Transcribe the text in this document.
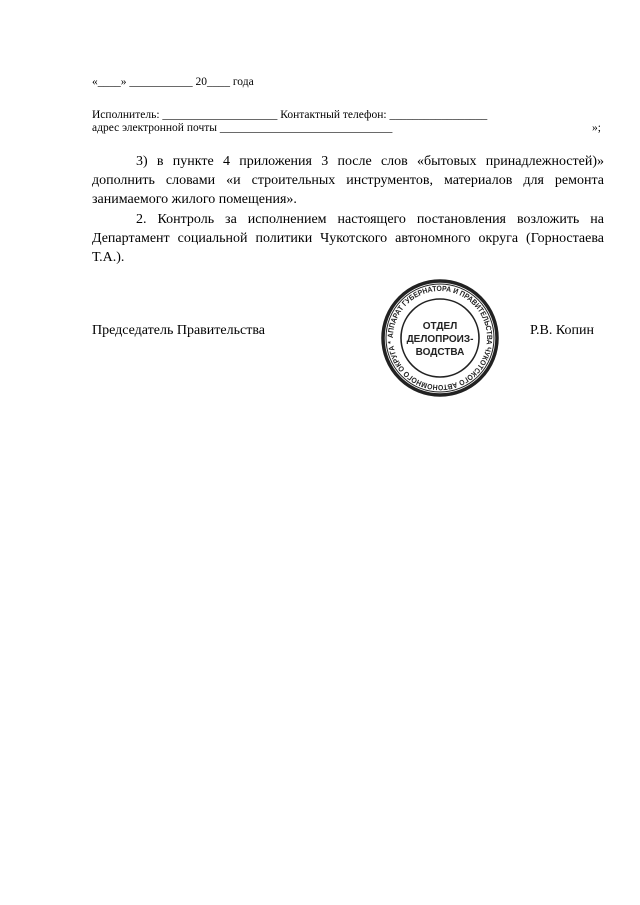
«____» ___________ 20____ года
Исполнитель: ____________________ Контактный телефон: _________________
адрес электронной почты ______________________________	»;
3) в пункте 4 приложения 3 после слов «бытовых принадлежностей)» дополнить словами «и строительных инструментов, материалов для ремонта занимаемого жилого помещения».
2. Контроль за исполнением настоящего постановления возложить на Департамент социальной политики Чукотского автономного округа (Горностаева Т.А.).
Председатель Правительства	Р.В. Копин
АППАРАТ ГУБЕРНАТОРА И ПРАВИТЕЛЬСТВА ЧУКОТСКОГО АВТОНОМНОГО ОКРУГА *
ОТДЕЛ
ДЕЛОПРОИЗ-
ВОДСТВА
